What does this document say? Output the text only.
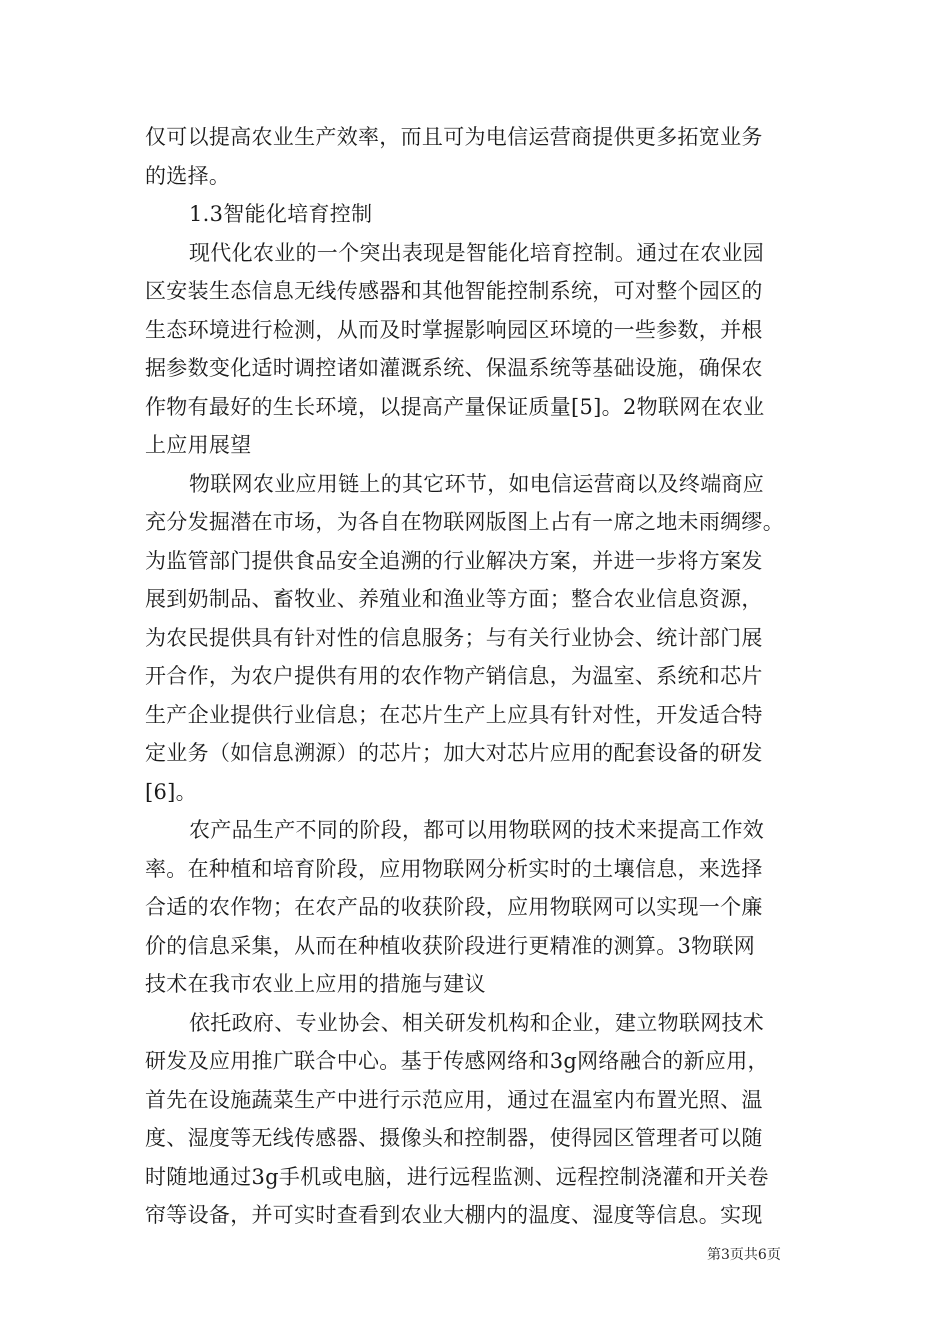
仅可以提高农业生产效率，而且可为电信运营商提供更多拓宽业务
的选择。
1.3智能化培育控制
现代化农业的一个突出表现是智能化培育控制。通过在农业园
区安装生态信息无线传感器和其他智能控制系统，可对整个园区的
生态环境进行检测，从而及时掌握影响园区环境的一些参数，并根
据参数变化适时调控诸如灌溉系统、保温系统等基础设施，确保农
作物有最好的生长环境，以提高产量保证质量[5]。2物联网在农业
上应用展望
物联网农业应用链上的其它环节，如电信运营商以及终端商应
充分发掘潜在市场，为各自在物联网版图上占有一席之地未雨绸缪。
为监管部门提供食品安全追溯的行业解决方案，并进一步将方案发
展到奶制品、畜牧业、养殖业和渔业等方面；整合农业信息资源，
为农民提供具有针对性的信息服务；与有关行业协会、统计部门展
开合作，为农户提供有用的农作物产销信息，为温室、系统和芯片
生产企业提供行业信息；在芯片生产上应具有针对性，开发适合特
定业务（如信息溯源）的芯片；加大对芯片应用的配套设备的研发
[6]。
农产品生产不同的阶段，都可以用物联网的技术来提高工作效
率。在种植和培育阶段，应用物联网分析实时的土壤信息，来选择
合适的农作物；在农产品的收获阶段，应用物联网可以实现一个廉
价的信息采集，从而在种植收获阶段进行更精准的测算。3物联网
技术在我市农业上应用的措施与建议
依托政府、专业协会、相关研发机构和企业，建立物联网技术
研发及应用推广联合中心。基于传感网络和3g网络融合的新应用，
首先在设施蔬菜生产中进行示范应用，通过在温室内布置光照、温
度、湿度等无线传感器、摄像头和控制器，使得园区管理者可以随
时随地通过3g手机或电脑，进行远程监测、远程控制浇灌和开关卷
帘等设备，并可实时查看到农业大棚内的温度、湿度等信息。实现
第3页共6页
